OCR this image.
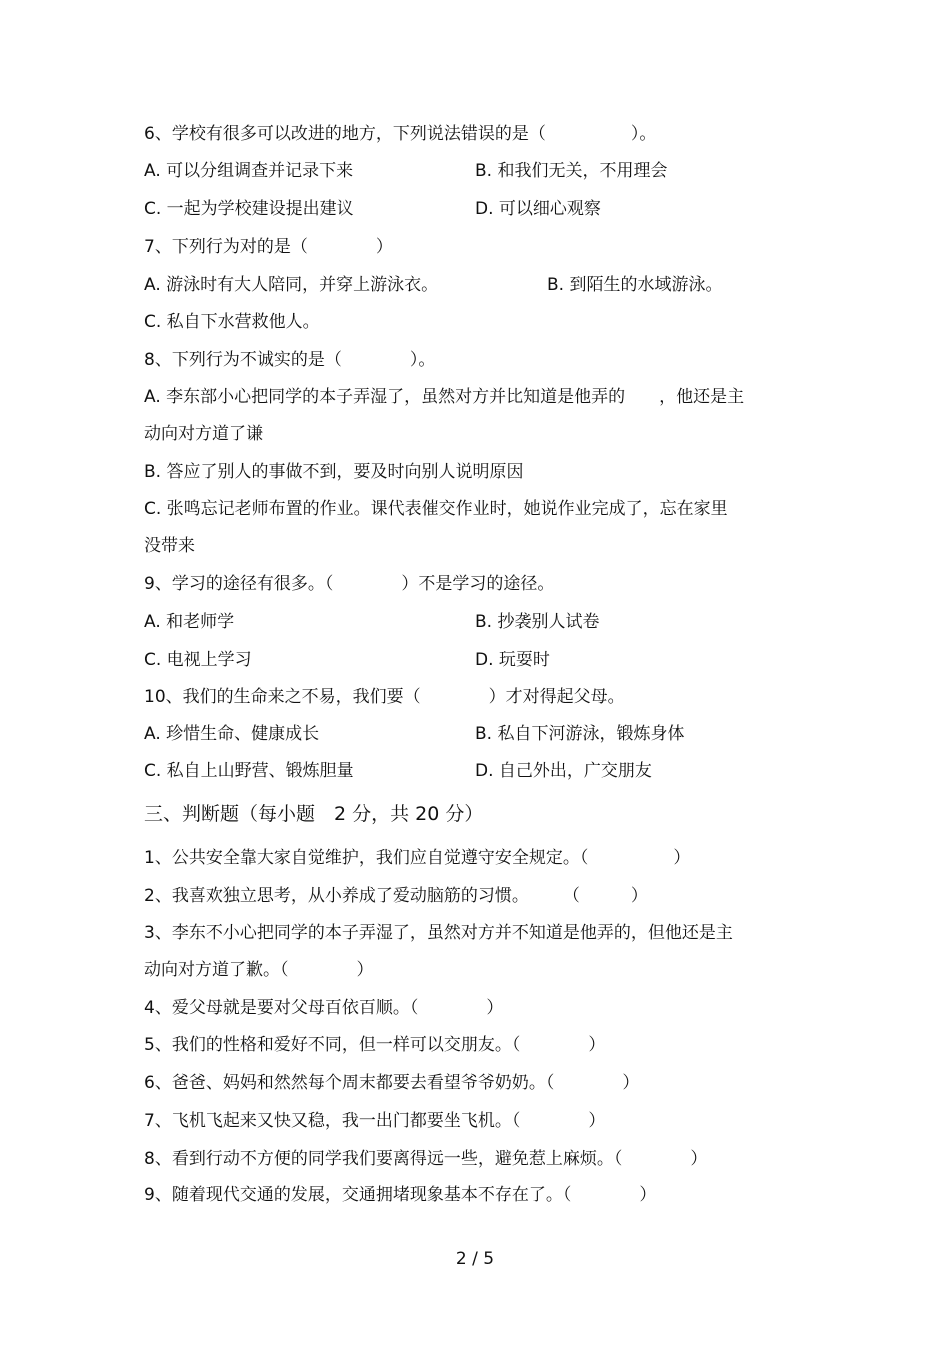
6、学校有很多可以改进的地方，下列说法错误的是（　　　　　）。
A. 可以分组调查并记录下来	B. 和我们无关，不用理会
C. 一起为学校建设提出建议	D. 可以细心观察
7、下列行为对的是（　　　　）
A. 游泳时有大人陪同，并穿上游泳衣。	B. 到陌生的水域游泳。
C. 私自下水营救他人。
8、下列行为不诚实的是（　　　　）。
A. 李东部小心把同学的本子弄湿了，虽然对方并比知道是他弄的　　，他还是主
动向对方道了谦
B. 答应了别人的事做不到，要及时向别人说明原因
C. 张鸣忘记老师布置的作业。课代表催交作业时，她说作业完成了，忘在家里
没带来
9、学习的途径有很多。（　　　　）不是学习的途径。
A. 和老师学	B. 抄袭别人试卷
C. 电视上学习	D. 玩耍时
10、我们的生命来之不易，我们要（　　　　）才对得起父母。
A. 珍惜生命、健康成长	B. 私自下河游泳，锻炼身体
C. 私自上山野营、锻炼胆量	D. 自己外出，广交朋友
三、判断题（每小题　2 分，共 20 分）
1、公共安全靠大家自觉维护，我们应自觉遵守安全规定。（　　　　　）
2、我喜欢独立思考，从小养成了爱动脑筋的习惯。　　　（　　　）
3、李东不小心把同学的本子弄湿了，虽然对方并不知道是他弄的，但他还是主
动向对方道了歉。（　　　　）
4、爱父母就是要对父母百依百顺。（　　　　）
5、我们的性格和爱好不同，但一样可以交朋友。（　　　　）
6、爸爸、妈妈和然然每个周末都要去看望爷爷奶奶。（　　　　）
7、飞机飞起来又快又稳，我一出门都要坐飞机。（　　　　）
8、看到行动不方便的同学我们要离得远一些，避免惹上麻烦。（　　　　）
9、随着现代交通的发展，交通拥堵现象基本不存在了。（　　　　）
2 / 5
